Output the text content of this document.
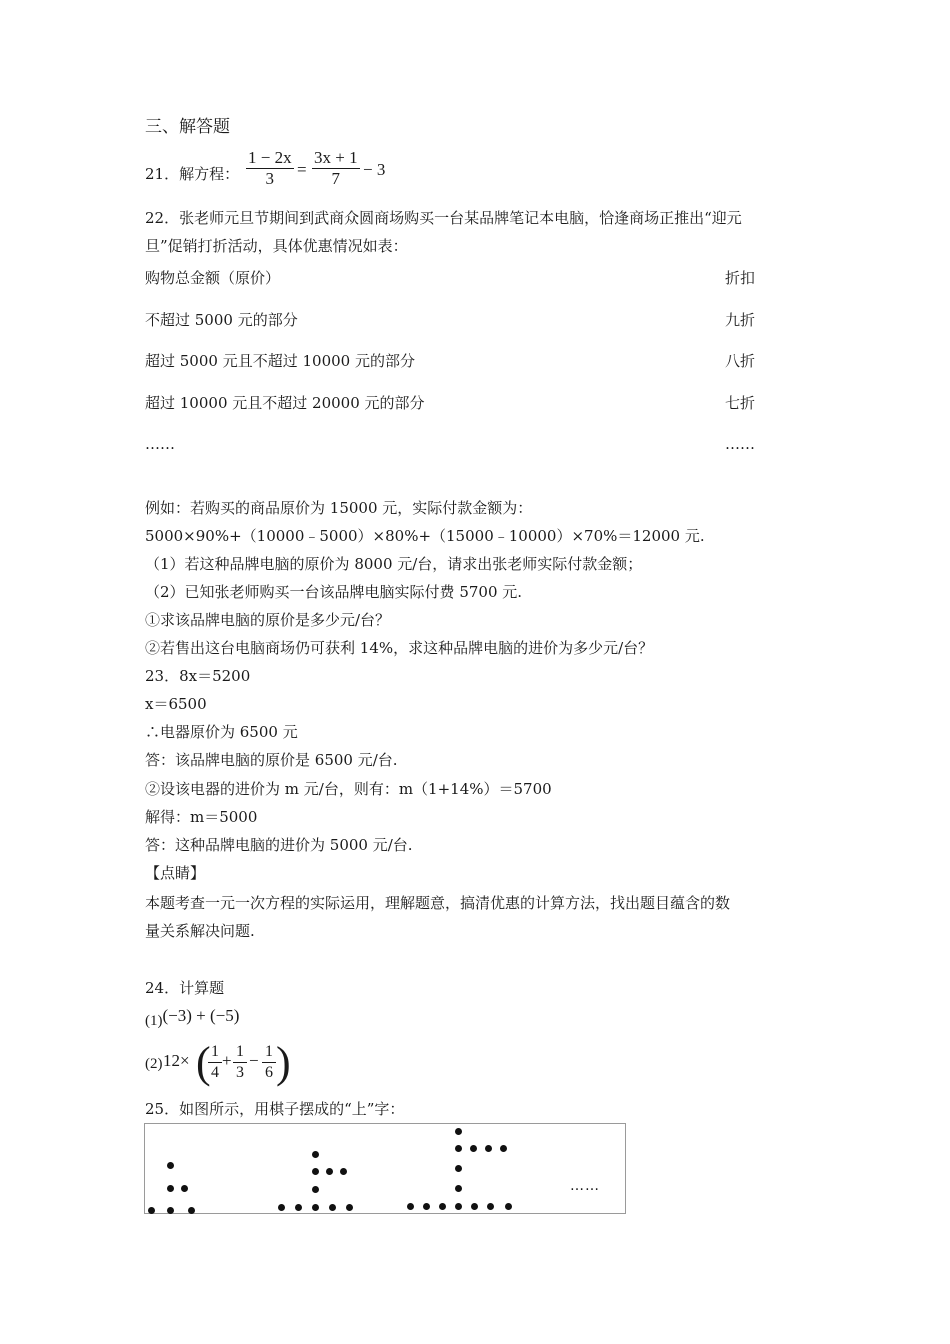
三、解答题
21．解方程： $\frac{1 - 2x}{3} = \frac{3x + 1}{7} - 3$
22．张老师元旦节期间到武商众圆商场购买一台某品牌笔记本电脑，恰逢商场正推出“迎元
旦”促销打折活动，具体优惠情况如表：
购物总金额（原价）	折扣
不超过 5000 元的部分	九折
超过 5000 元且不超过 10000 元的部分	八折
超过 10000 元且不超过 20000 元的部分	七折
……	……
例如：若购买的商品原价为 15000 元，实际付款金额为：
5000×90%+（10000﹣5000）×80%+（15000﹣10000）×70%＝12000 元.
（1）若这种品牌电脑的原价为 8000 元/台，请求出张老师实际付款金额；
（2）已知张老师购买一台该品牌电脑实际付费 5700 元.
①求该品牌电脑的原价是多少元/台？
②若售出这台电脑商场仍可获利 14%，求这种品牌电脑的进价为多少元/台？
23．8x＝5200
x＝6500
∴电器原价为 6500 元
答：该品牌电脑的原价是 6500 元/台.
②设该电器的进价为 m 元/台，则有：m（1+14%）＝5700
解得：m＝5000
答：这种品牌电脑的进价为 5000 元/台.
【点睛】
本题考查一元一次方程的实际运用，理解题意，搞清优惠的计算方法，找出题目蕴含的数
量关系解决问题.
24．计算题
(1)(−3) + (−5)
(2) 12× (
$\frac{1}{4} + \frac{1}{3} - \frac{1}{6}$ )
25．如图所示，用棋子摆成的“上”字：
……
